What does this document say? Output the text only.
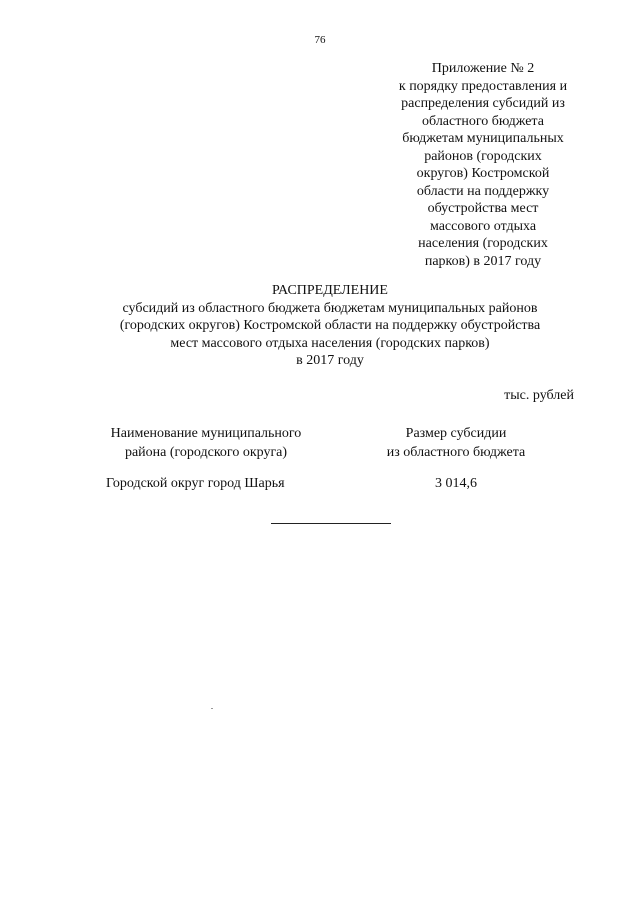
76
Приложение № 2
к порядку предоставления и
распределения субсидий из
областного бюджета
бюджетам муниципальных
районов (городских
округов) Костромской
области на поддержку
обустройства мест
массового отдыха
населения (городских
парков) в 2017 году
РАСПРЕДЕЛЕНИЕ
субсидий из областного бюджета бюджетам муниципальных районов
(городских округов) Костромской области на поддержку обустройства
мест массового отдыха населения (городских парков)
в 2017 году
тыс. рублей
Наименование муниципального
района (городского округа)
Размер субсидии
из областного бюджета
Городской округ город Шарья	3 014,6
